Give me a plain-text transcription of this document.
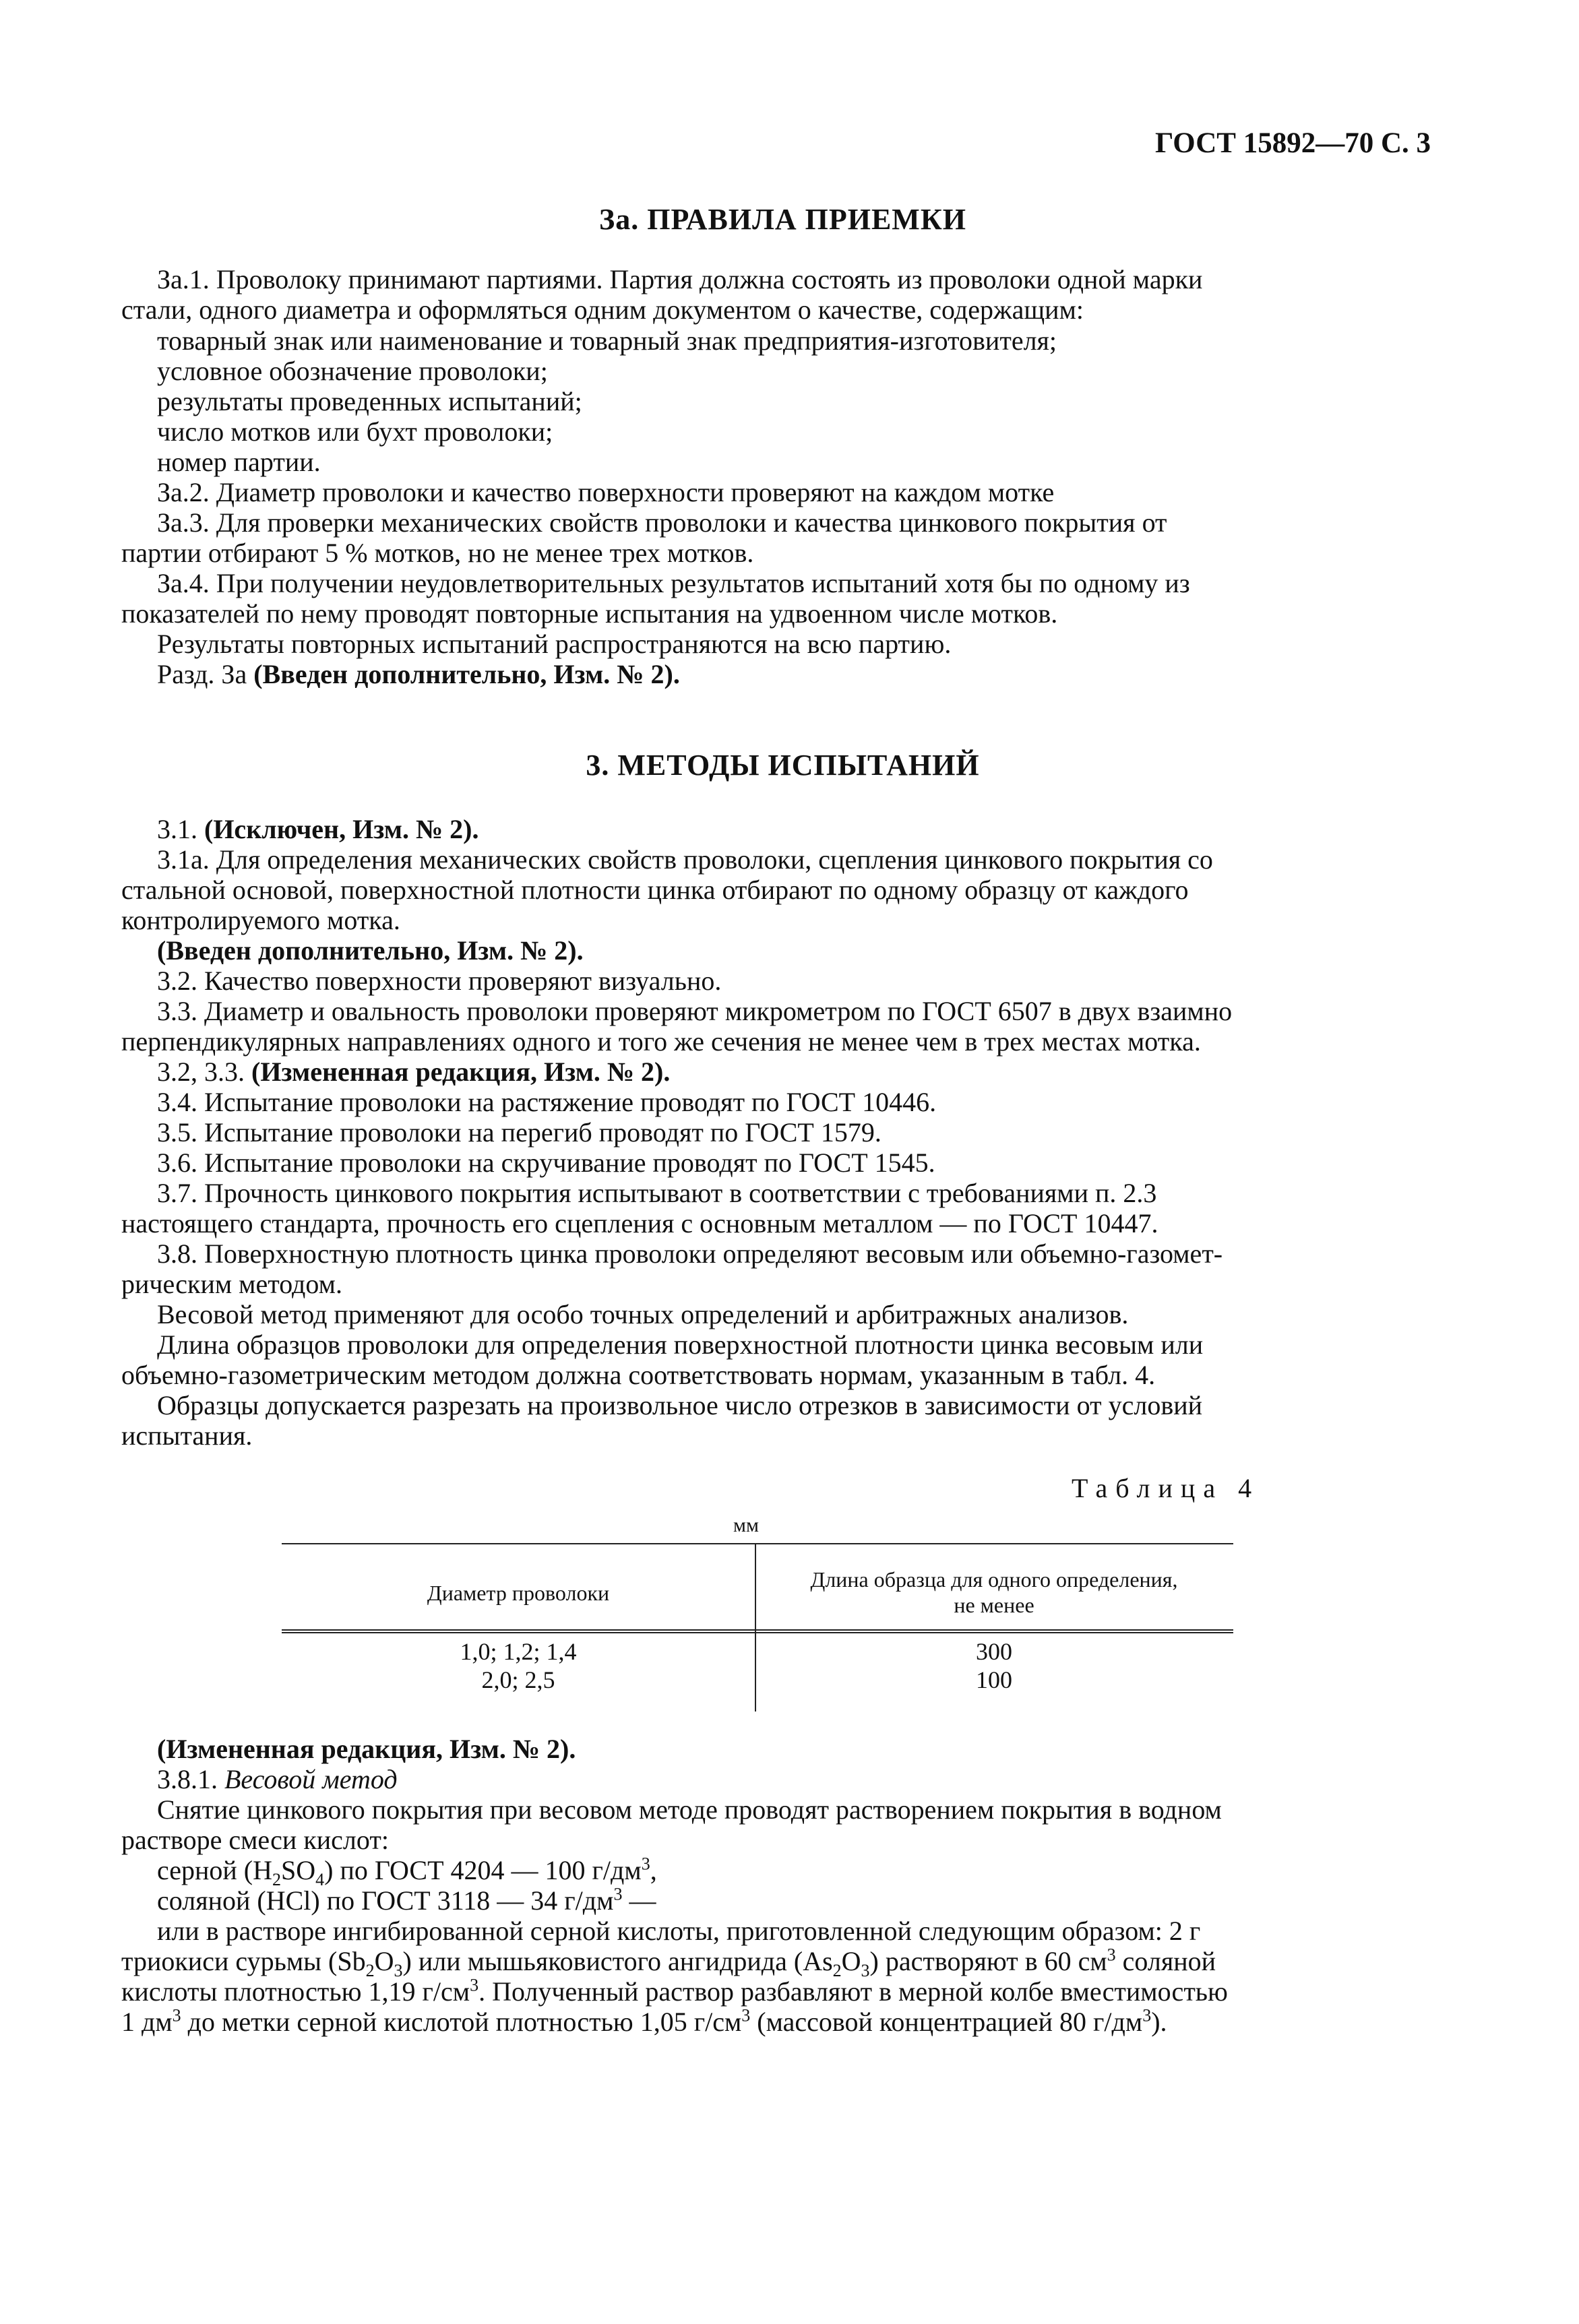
ГОСТ 15892—70 С. 3
За. ПРАВИЛА ПРИЕМКИ
За.1. Проволоку принимают партиями. Партия должна состоять из проволоки одной марки
стали, одного диаметра и оформляться одним документом о качестве, содержащим:
товарный знак или наименование и товарный знак предприятия-изготовителя;
условное обозначение проволоки;
результаты проведенных испытаний;
число мотков или бухт проволоки;
номер партии.
За.2. Диаметр проволоки и качество поверхности проверяют на каждом мотке
За.3. Для проверки механических свойств проволоки и качества цинкового покрытия от
партии отбирают 5 % мотков, но не менее трех мотков.
За.4. При получении неудовлетворительных результатов испытаний хотя бы по одному из
показателей по нему проводят повторные испытания на удвоенном числе мотков.
Результаты повторных испытаний распространяются на всю партию.
Разд. За (Введен дополнительно, Изм. № 2).
3. МЕТОДЫ ИСПЫТАНИЙ
3.1. (Исключен, Изм. № 2).
3.1а. Для определения механических свойств проволоки, сцепления цинкового покрытия со
стальной основой, поверхностной плотности цинка отбирают по одному образцу от каждого
контролируемого мотка.
(Введен дополнительно, Изм. № 2).
3.2. Качество поверхности проверяют визуально.
3.3. Диаметр и овальность проволоки проверяют микрометром по ГОСТ 6507 в двух взаимно
перпендикулярных направлениях одного и того же сечения не менее чем в трех местах мотка.
3.2, 3.3. (Измененная редакция, Изм. № 2).
3.4. Испытание проволоки на растяжение проводят по ГОСТ 10446.
3.5. Испытание проволоки на перегиб проводят по ГОСТ 1579.
3.6. Испытание проволоки на скручивание проводят по ГОСТ 1545.
3.7. Прочность цинкового покрытия испытывают в соответствии с требованиями п. 2.3
настоящего стандарта, прочность его сцепления с основным металлом — по ГОСТ 10447.
3.8. Поверхностную плотность цинка проволоки определяют весовым или объемно-газомет-
рическим методом.
Весовой метод применяют для особо точных определений и арбитражных анализов.
Длина образцов проволоки для определения поверхностной плотности цинка весовым или
объемно-газометрическим методом должна соответствовать нормам, указанным в табл. 4.
Образцы допускается разрезать на произвольное число отрезков в зависимости от условий
испытания.
Таблица 4
мм
Диаметр проволоки
Длина образца для одного определения,
не менее
1,0; 1,2; 1,4	300
2,0; 2,5	100
(Измененная редакция, Изм. № 2).
3.8.1. Весовой метод
Снятие цинкового покрытия при весовом методе проводят растворением покрытия в водном
растворе смеси кислот:
серной $(H_2SO_4)$ по ГОСТ 4204 — 100 $г/дм^3$,
соляной (HCl) по ГОСТ 3118 — 34 $г/дм^3$ —
или в растворе ингибированной серной кислоты, приготовленной следующим образом: 2 г
триокиси сурьмы $(Sb_2O_3)$ или мышьяковистого ангидрида $(As_2O_3)$ растворяют в 60 $см^3$ соляной
кислоты плотностью 1,19 $г/см^3$. Полученный раствор разбавляют в мерной колбе вместимостью
1 $дм^3$ до метки серной кислотой плотностью 1,05 $г/см^3$ (массовой концентрацией 80 $г/дм^3$).
